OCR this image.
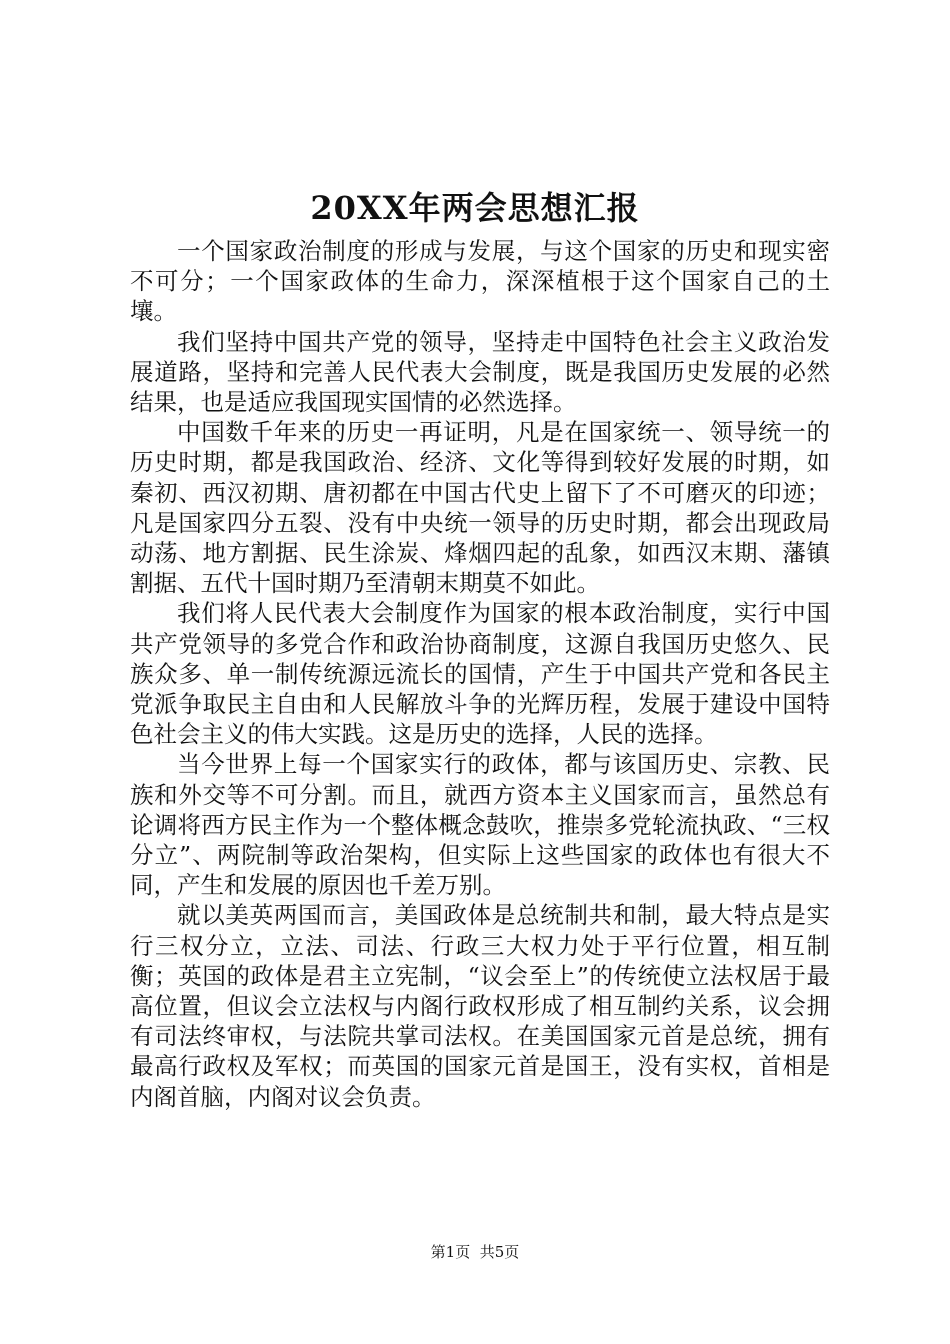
20XX年两会思想汇报

一个国家政治制度的形成与发展，与这个国家的历史和现实密不可分；一个国家政体的生命力，深深植根于这个国家自己的土壤。

我们坚持中国共产党的领导，坚持走中国特色社会主义政治发展道路，坚持和完善人民代表大会制度，既是我国历史发展的必然结果，也是适应我国现实国情的必然选择。

中国数千年来的历史一再证明，凡是在国家统一、领导统一的历史时期，都是我国政治、经济、文化等得到较好发展的时期，如秦初、西汉初期、唐初都在中国古代史上留下了不可磨灭的印迹；凡是国家四分五裂、没有中央统一领导的历史时期，都会出现政局动荡、地方割据、民生涂炭、烽烟四起的乱象，如西汉末期、藩镇割据、五代十国时期乃至清朝末期莫不如此。

我们将人民代表大会制度作为国家的根本政治制度，实行中国共产党领导的多党合作和政治协商制度，这源自我国历史悠久、民族众多、单一制传统源远流长的国情，产生于中国共产党和各民主党派争取民主自由和人民解放斗争的光辉历程，发展于建设中国特色社会主义的伟大实践。这是历史的选择，人民的选择。

当今世界上每一个国家实行的政体，都与该国历史、宗教、民族和外交等不可分割。而且，就西方资本主义国家而言，虽然总有论调将西方民主作为一个整体概念鼓吹，推崇多党轮流执政、“三权分立”、两院制等政治架构，但实际上这些国家的政体也有很大不同，产生和发展的原因也千差万别。

就以美英两国而言，美国政体是总统制共和制，最大特点是实行三权分立，立法、司法、行政三大权力处于平行位置，相互制衡；英国的政体是君主立宪制，“议会至上”的传统使立法权居于最高位置，但议会立法权与内阁行政权形成了相互制约关系，议会拥有司法终审权，与法院共掌司法权。在美国国家元首是总统，拥有最高行政权及军权；而英国的国家元首是国王，没有实权，首相是内阁首脑，内阁对议会负责。

第1页 共5页
